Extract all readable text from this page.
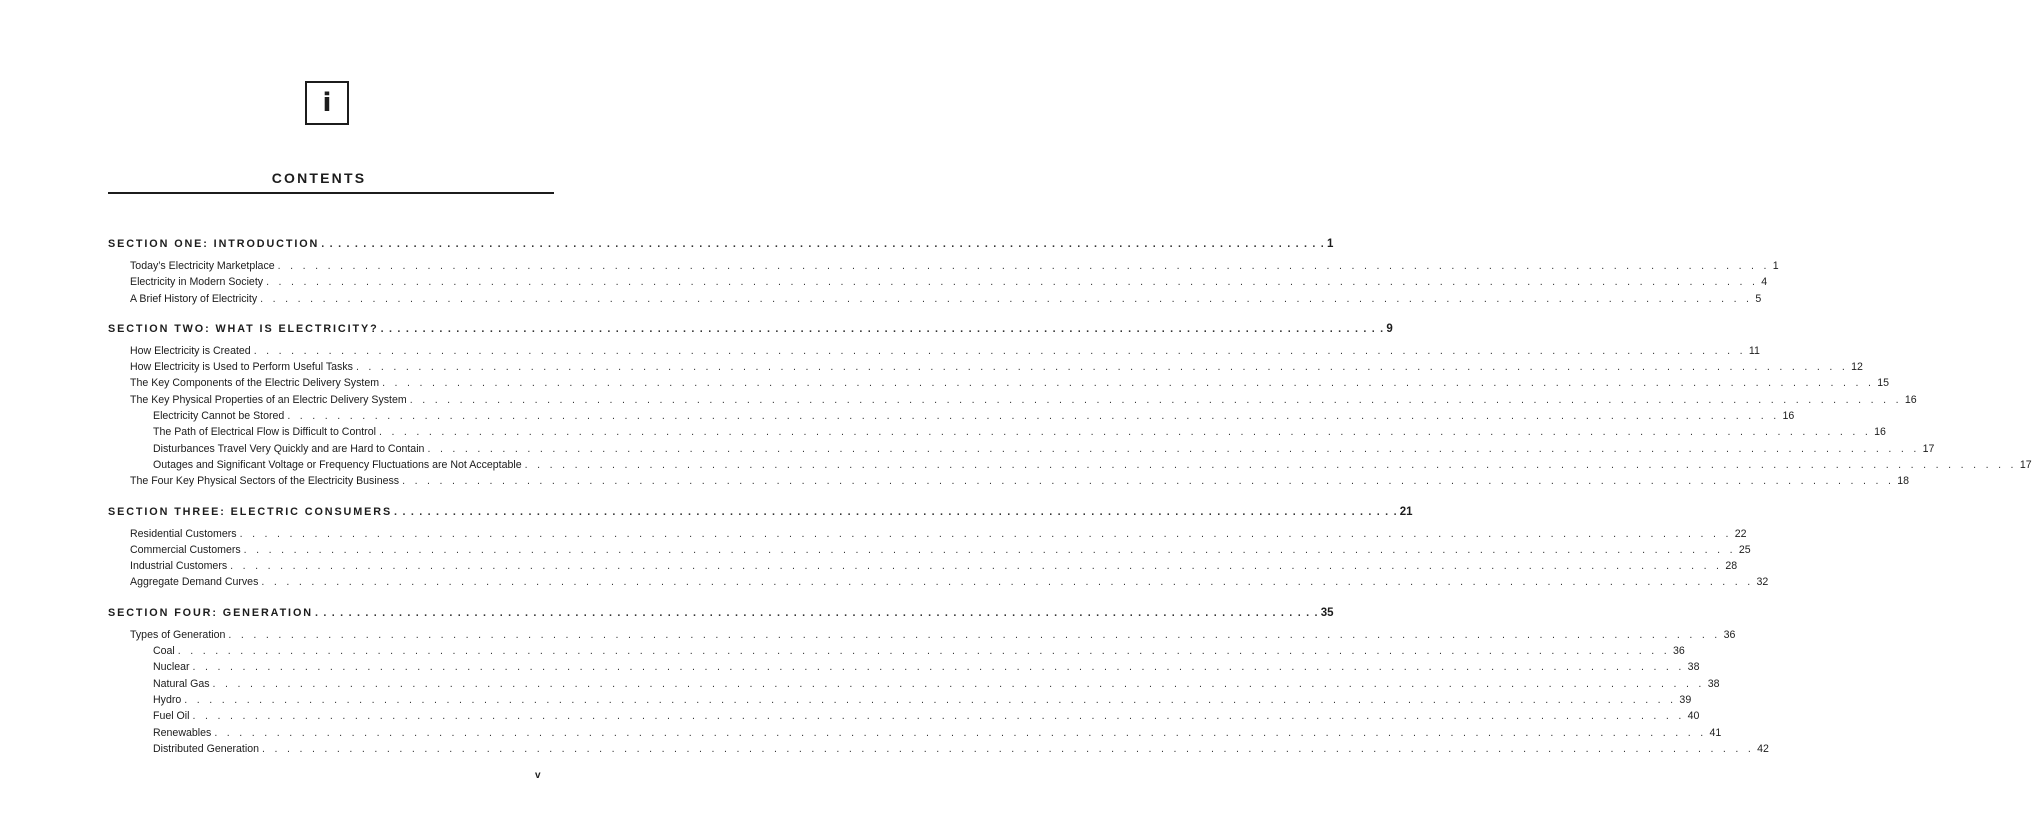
i
CONTENTS
SECTION ONE: INTRODUCTION . . . . . . . . . . . . . . . . . . . . . . . . . . . . . . . . . . . . . . . . . . . . . . . . . . . . . . . . . . . . . . . . . . . . . . . . . . . . . . . . . . . . . . . . . . . . . . . . . . . . . . . . . . . . . . . . . . . . . . . . 1
Today’s Electricity Marketplace . . . . . . . . . . . . . . . . . . . . . . . . . . . . . . . . . . . . . . . . . . . . . . . . . . . . . . . . . . . . . . . . . . . . . . . . . . . . . . . . . . . . . . . . . . . . . . . . . . . . . . . . . . . . . . . . . . . . . . . . 1
Electricity in Modern Society . . . . . . . . . . . . . . . . . . . . . . . . . . . . . . . . . . . . . . . . . . . . . . . . . . . . . . . . . . . . . . . . . . . . . . . . . . . . . . . . . . . . . . . . . . . . . . . . . . . . . . . . . . . . . . . . . . . . . . . . 4
A Brief History of Electricity . . . . . . . . . . . . . . . . . . . . . . . . . . . . . . . . . . . . . . . . . . . . . . . . . . . . . . . . . . . . . . . . . . . . . . . . . . . . . . . . . . . . . . . . . . . . . . . . . . . . . . . . . . . . . . . . . . . . . . . . 5
SECTION TWO: WHAT IS ELECTRICITY? . . . . . . . . . . . . . . . . . . . . . . . . . . . . . . . . . . . . . . . . . . . . . . . . . . . . . . . . . . . . . . . . . . . . . . . . . . . . . . . . . . . . . . . . . . . . . . . . . . . . . . . . . . . . . . . . . . . . . . . . 9
How Electricity is Created . . . . . . . . . . . . . . . . . . . . . . . . . . . . . . . . . . . . . . . . . . . . . . . . . . . . . . . . . . . . . . . . . . . . . . . . . . . . . . . . . . . . . . . . . . . . . . . . . . . . . . . . . . . . . . . . . . . . . . . . 11
How Electricity is Used to Perform Useful Tasks . . . . . . . . . . . . . . . . . . . . . . . . . . . . . . . . . . . . . . . . . . . . . . . . . . . . . . . . . . . . . . . . . . . . . . . . . . . . . . . . . . . . . . . . . . . . . . . . . . . . . . . . . . . . . . . . . . . . . . . . 12
The Key Components of the Electric Delivery System . . . . . . . . . . . . . . . . . . . . . . . . . . . . . . . . . . . . . . . . . . . . . . . . . . . . . . . . . . . . . . . . . . . . . . . . . . . . . . . . . . . . . . . . . . . . . . . . . . . . . . . . . . . . . . . . . . . . . . . . 15
The Key Physical Properties of an Electric Delivery System . . . . . . . . . . . . . . . . . . . . . . . . . . . . . . . . . . . . . . . . . . . . . . . . . . . . . . . . . . . . . . . . . . . . . . . . . . . . . . . . . . . . . . . . . . . . . . . . . . . . . . . . . . . . . . . . . . . . . . . . 16
Electricity Cannot be Stored . . . . . . . . . . . . . . . . . . . . . . . . . . . . . . . . . . . . . . . . . . . . . . . . . . . . . . . . . . . . . . . . . . . . . . . . . . . . . . . . . . . . . . . . . . . . . . . . . . . . . . . . . . . . . . . . . . . . . . . . 16
The Path of Electrical Flow is Difficult to Control . . . . . . . . . . . . . . . . . . . . . . . . . . . . . . . . . . . . . . . . . . . . . . . . . . . . . . . . . . . . . . . . . . . . . . . . . . . . . . . . . . . . . . . . . . . . . . . . . . . . . . . . . . . . . . . . . . . . . . . . 16
Disturbances Travel Very Quickly and are Hard to Contain . . . . . . . . . . . . . . . . . . . . . . . . . . . . . . . . . . . . . . . . . . . . . . . . . . . . . . . . . . . . . . . . . . . . . . . . . . . . . . . . . . . . . . . . . . . . . . . . . . . . . . . . . . . . . . . . . . . . . . . . 17
Outages and Significant Voltage or Frequency Fluctuations are Not Acceptable . . . . . . . . . . . . . . . . . . . . . . . . . . . . . . . . . . . . . . . . . . . . . . . . . . . . . . . . . . . . . . . . . . . . . . . . . . . . . . . . . . . . . . . . . . . . . . . . . . . . . . . . . . . . . . . . . . . . . . . . 17
The Four Key Physical Sectors of the Electricity Business . . . . . . . . . . . . . . . . . . . . . . . . . . . . . . . . . . . . . . . . . . . . . . . . . . . . . . . . . . . . . . . . . . . . . . . . . . . . . . . . . . . . . . . . . . . . . . . . . . . . . . . . . . . . . . . . . . . . . . . . 18
SECTION THREE: ELECTRIC CONSUMERS . . . . . . . . . . . . . . . . . . . . . . . . . . . . . . . . . . . . . . . . . . . . . . . . . . . . . . . . . . . . . . . . . . . . . . . . . . . . . . . . . . . . . . . . . . . . . . . . . . . . . . . . . . . . . . . . . . . . . . . . 21
Residential Customers . . . . . . . . . . . . . . . . . . . . . . . . . . . . . . . . . . . . . . . . . . . . . . . . . . . . . . . . . . . . . . . . . . . . . . . . . . . . . . . . . . . . . . . . . . . . . . . . . . . . . . . . . . . . . . . . . . . . . . . . 22
Commercial Customers . . . . . . . . . . . . . . . . . . . . . . . . . . . . . . . . . . . . . . . . . . . . . . . . . . . . . . . . . . . . . . . . . . . . . . . . . . . . . . . . . . . . . . . . . . . . . . . . . . . . . . . . . . . . . . . . . . . . . . . . 25
Industrial Customers . . . . . . . . . . . . . . . . . . . . . . . . . . . . . . . . . . . . . . . . . . . . . . . . . . . . . . . . . . . . . . . . . . . . . . . . . . . . . . . . . . . . . . . . . . . . . . . . . . . . . . . . . . . . . . . . . . . . . . . . 28
Aggregate Demand Curves . . . . . . . . . . . . . . . . . . . . . . . . . . . . . . . . . . . . . . . . . . . . . . . . . . . . . . . . . . . . . . . . . . . . . . . . . . . . . . . . . . . . . . . . . . . . . . . . . . . . . . . . . . . . . . . . . . . . . . . . 32
SECTION FOUR: GENERATION . . . . . . . . . . . . . . . . . . . . . . . . . . . . . . . . . . . . . . . . . . . . . . . . . . . . . . . . . . . . . . . . . . . . . . . . . . . . . . . . . . . . . . . . . . . . . . . . . . . . . . . . . . . . . . . . . . . . . . . . 35
Types of Generation . . . . . . . . . . . . . . . . . . . . . . . . . . . . . . . . . . . . . . . . . . . . . . . . . . . . . . . . . . . . . . . . . . . . . . . . . . . . . . . . . . . . . . . . . . . . . . . . . . . . . . . . . . . . . . . . . . . . . . . . 36
Coal . . . . . . . . . . . . . . . . . . . . . . . . . . . . . . . . . . . . . . . . . . . . . . . . . . . . . . . . . . . . . . . . . . . . . . . . . . . . . . . . . . . . . . . . . . . . . . . . . . . . . . . . . . . . . . . . . . . . . . . . 36
Nuclear . . . . . . . . . . . . . . . . . . . . . . . . . . . . . . . . . . . . . . . . . . . . . . . . . . . . . . . . . . . . . . . . . . . . . . . . . . . . . . . . . . . . . . . . . . . . . . . . . . . . . . . . . . . . . . . . . . . . . . . . 38
Natural Gas . . . . . . . . . . . . . . . . . . . . . . . . . . . . . . . . . . . . . . . . . . . . . . . . . . . . . . . . . . . . . . . . . . . . . . . . . . . . . . . . . . . . . . . . . . . . . . . . . . . . . . . . . . . . . . . . . . . . . . . . 38
Hydro . . . . . . . . . . . . . . . . . . . . . . . . . . . . . . . . . . . . . . . . . . . . . . . . . . . . . . . . . . . . . . . . . . . . . . . . . . . . . . . . . . . . . . . . . . . . . . . . . . . . . . . . . . . . . . . . . . . . . . . . 39
Fuel Oil . . . . . . . . . . . . . . . . . . . . . . . . . . . . . . . . . . . . . . . . . . . . . . . . . . . . . . . . . . . . . . . . . . . . . . . . . . . . . . . . . . . . . . . . . . . . . . . . . . . . . . . . . . . . . . . . . . . . . . . . 40
Renewables . . . . . . . . . . . . . . . . . . . . . . . . . . . . . . . . . . . . . . . . . . . . . . . . . . . . . . . . . . . . . . . . . . . . . . . . . . . . . . . . . . . . . . . . . . . . . . . . . . . . . . . . . . . . . . . . . . . . . . . . 41
Distributed Generation . . . . . . . . . . . . . . . . . . . . . . . . . . . . . . . . . . . . . . . . . . . . . . . . . . . . . . . . . . . . . . . . . . . . . . . . . . . . . . . . . . . . . . . . . . . . . . . . . . . . . . . . . . . . . . . . . . . . . . . . 42
v
